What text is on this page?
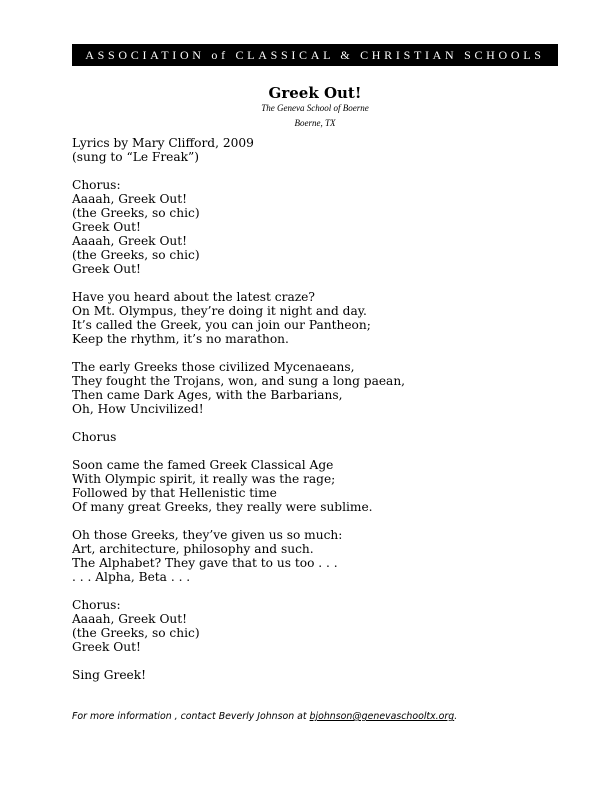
ASSOCIATION of CLASSICAL & CHRISTIAN SCHOOLS
Greek Out!
The Geneva School of Boerne
Boerne, TX
Lyrics by Mary Clifford, 2009
(sung to “Le Freak”)
Chorus:
Aaaah, Greek Out!
(the Greeks, so chic)
Greek Out!
Aaaah, Greek Out!
(the Greeks, so chic)
Greek Out!
Have you heard about the latest craze?
On Mt. Olympus, they’re doing it night and day.
It’s called the Greek, you can join our Pantheon;
Keep the rhythm, it’s no marathon.
The early Greeks those civilized Mycenaeans,
They fought the Trojans, won, and sung a long paean,
Then came Dark Ages, with the Barbarians,
Oh, How Uncivilized!
Chorus
Soon came the famed Greek Classical Age
With Olympic spirit, it really was the rage;
Followed by that Hellenistic time
Of many great Greeks, they really were sublime.
Oh those Greeks, they’ve given us so much:
Art, architecture, philosophy and such.
The Alphabet? They gave that to us too . . .
. . . Alpha, Beta . . .
Chorus:
Aaaah, Greek Out!
(the Greeks, so chic)
Greek Out!
Sing Greek!
For more information , contact Beverly Johnson at bjohnson@genevaschooltx.org.
